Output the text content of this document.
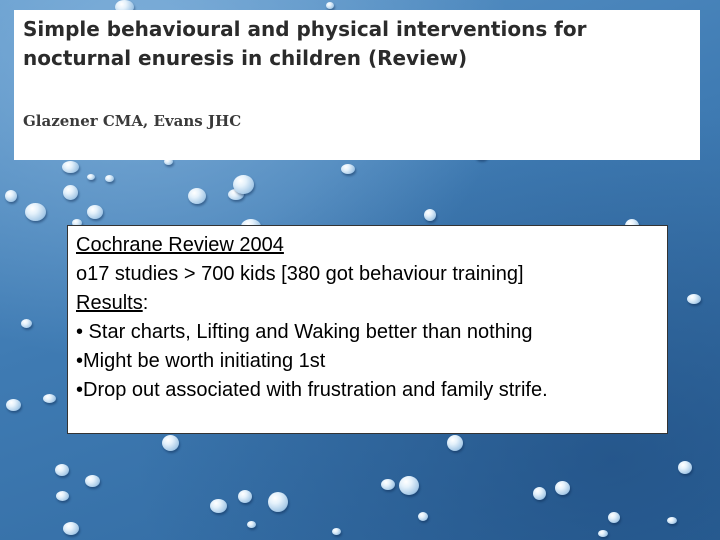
Simple behavioural and physical interventions for nocturnal enuresis in children (Review)

Glazener CMA, Evans JHC

Cochrane Review 2004
o17 studies > 700 kids [380 got behaviour training]
Results:
• Star charts, Lifting and Waking better than nothing
•Might be worth initiating 1st
•Drop out associated with frustration and family strife.
